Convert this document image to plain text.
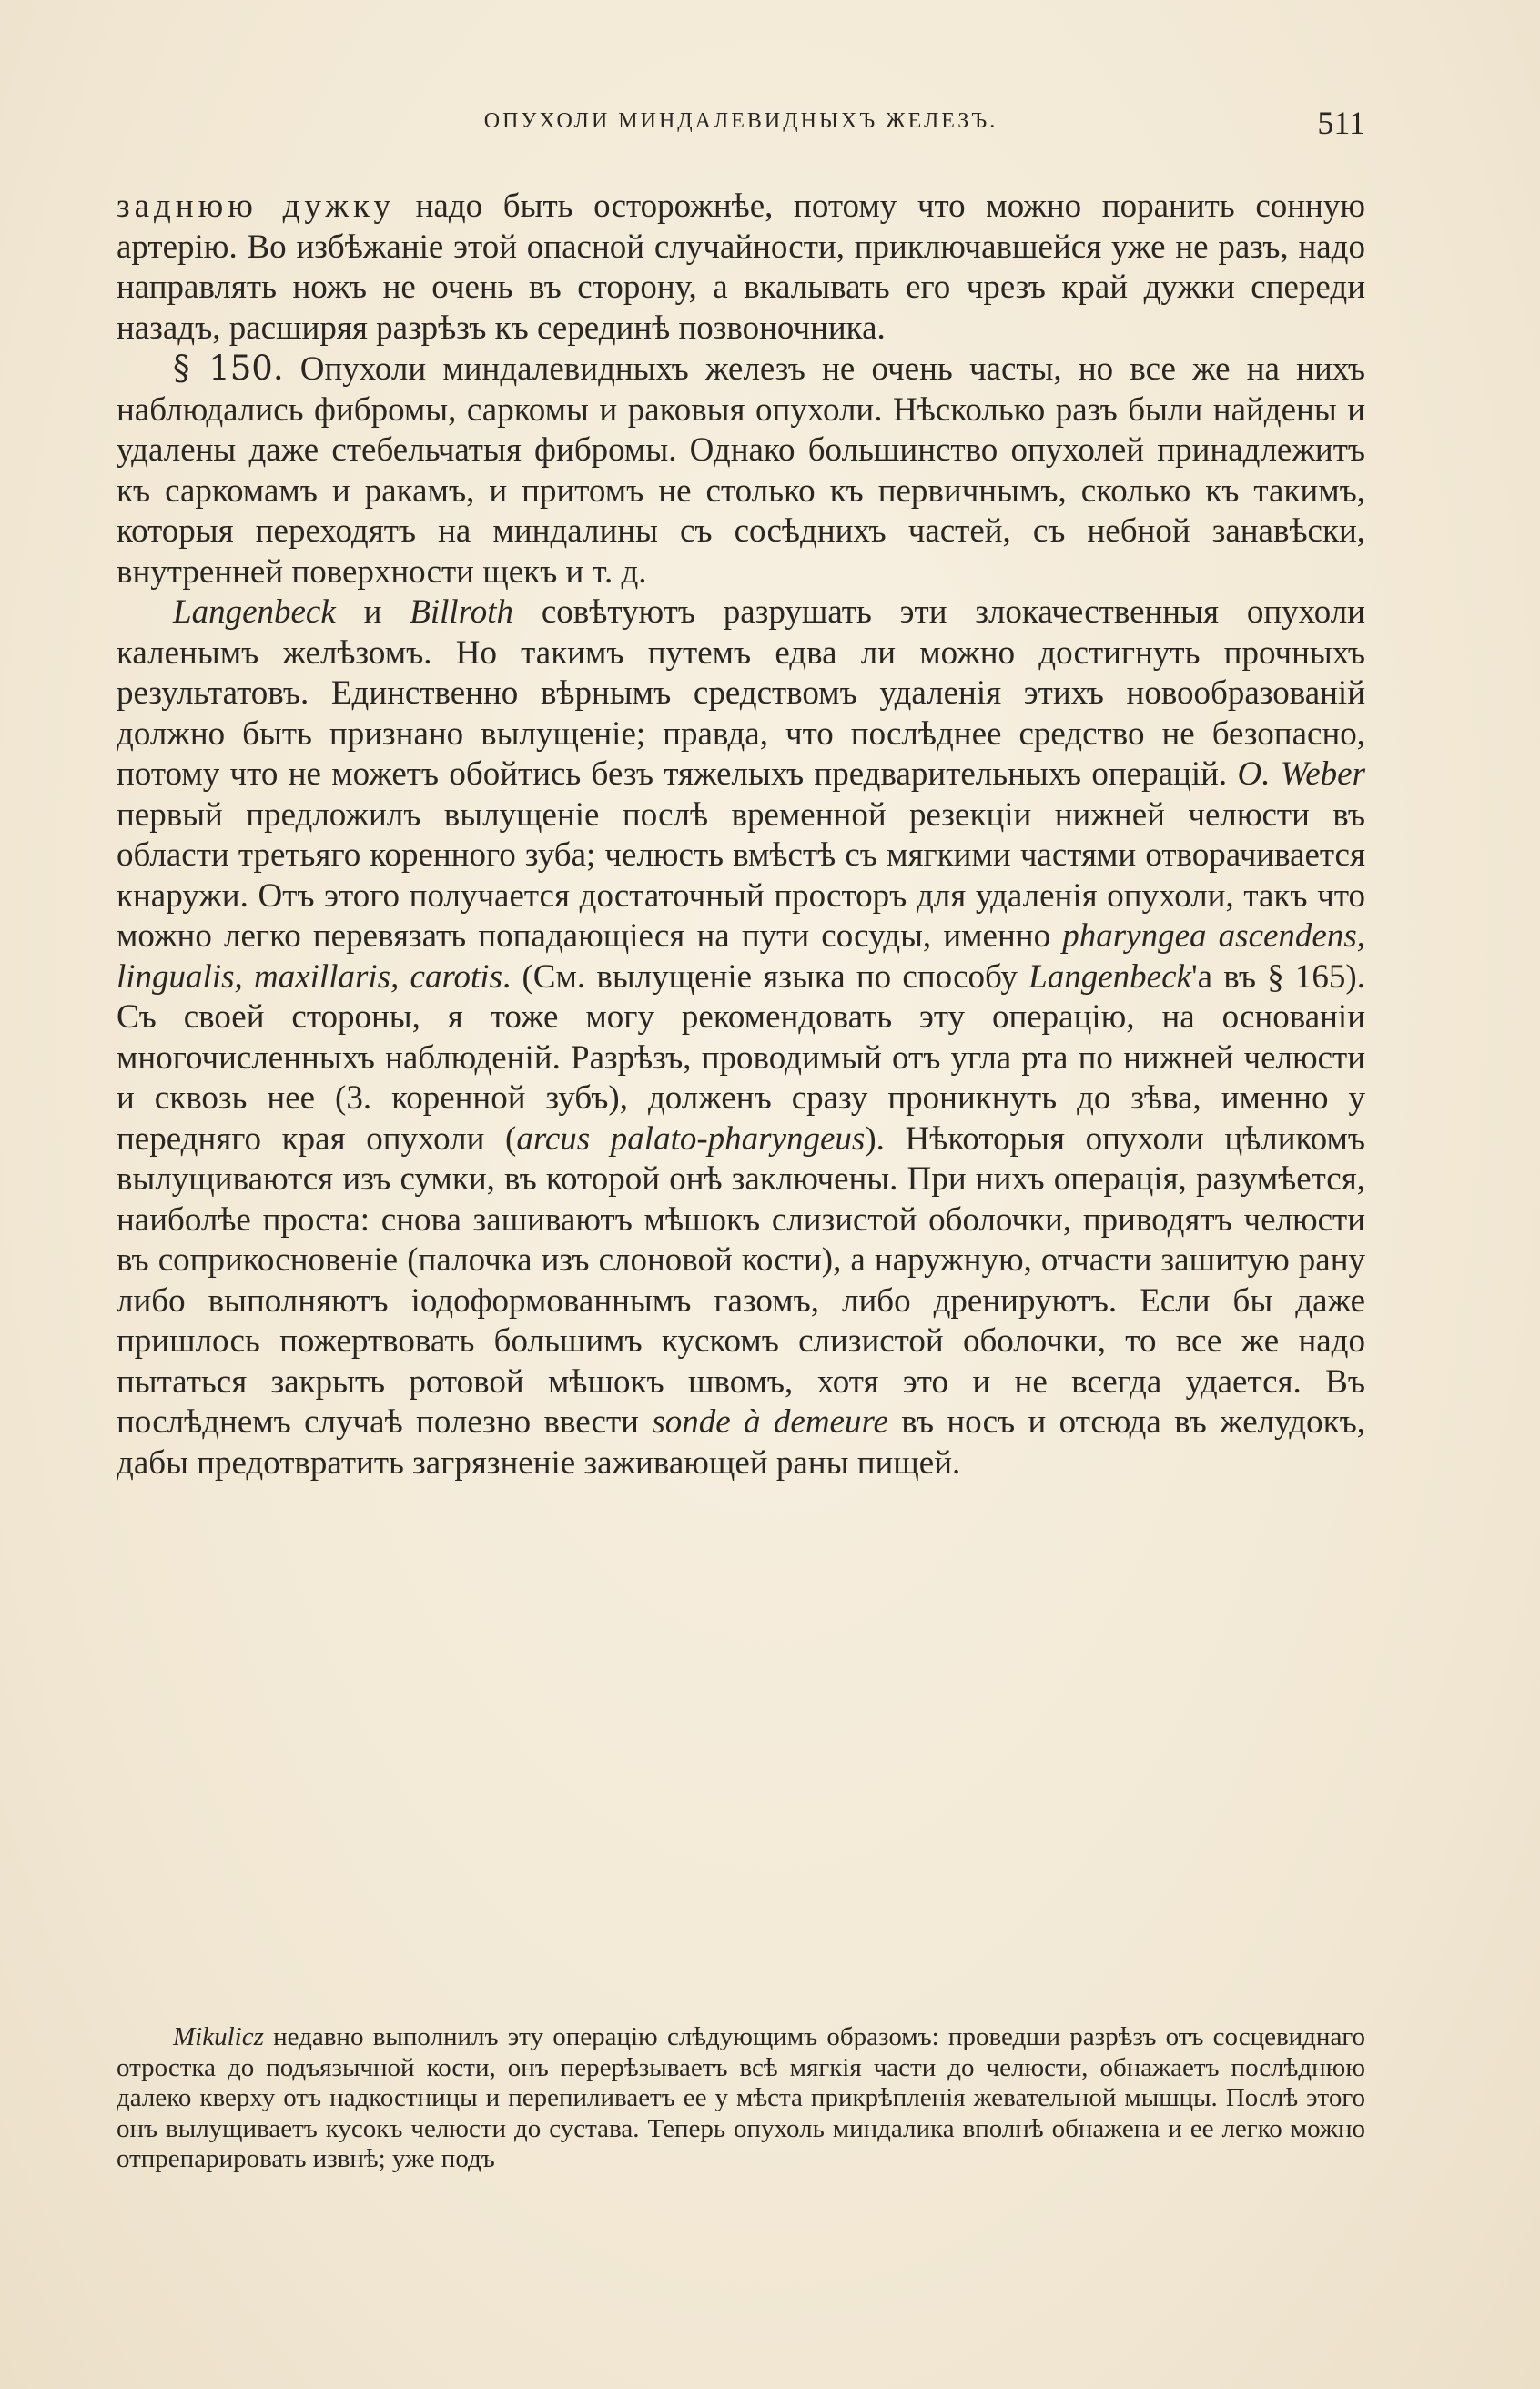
ОПУХОЛИ МИНДАЛЕВИДНЫХЪ ЖЕЛЕЗЪ.	511

заднюю дужку надо быть осторожнѣе, потому что можно поранить сонную артерію. Во избѣжаніе этой опасной случайности, приключавшейся уже не разъ, надо направлять ножъ не очень въ сторону, а вкалывать его чрезъ край дужки спереди назадъ, расширяя разрѣзъ къ серединѣ позвоночника.

§ 150. Опухоли миндалевидныхъ железъ не очень часты, но все же на нихъ наблюдались фибромы, саркомы и раковыя опухоли. Нѣсколько разъ были найдены и удалены даже стебельчатыя фибромы. Однако большинство опухолей принадлежитъ къ саркомамъ и ракамъ, и притомъ не столько къ первичнымъ, сколько къ такимъ, которыя переходятъ на миндалины съ сосѣднихъ частей, съ небной занавѣски, внутренней поверхности щекъ и т. д.

Langenbeck и Billroth совѣтуютъ разрушать эти злокачественныя опухоли каленымъ желѣзомъ. Но такимъ путемъ едва ли можно достигнуть прочныхъ результатовъ. Единственно вѣрнымъ средствомъ удаленія этихъ новообразованій должно быть признано вылущеніе; правда, что послѣднее средство не безопасно, потому что не можетъ обойтись безъ тяжелыхъ предварительныхъ операцій. O. Weber первый предложилъ вылущеніе послѣ временной резекціи нижней челюсти въ области третьяго коренного зуба; челюсть вмѣстѣ съ мягкими частями отворачивается кнаружи. Отъ этого получается достаточный просторъ для удаленія опухоли, такъ что можно легко перевязать попадающіеся на пути сосуды, именно pharyngea ascendens, lingualis, maxillaris, carotis. (См. вылущеніе языка по способу Langenbeck'а въ § 165). Съ своей стороны, я тоже могу рекомендовать эту операцію, на основаніи многочисленныхъ наблюденій. Разрѣзъ, проводимый отъ угла рта по нижней челюсти и сквозь нее (3. коренной зубъ), долженъ сразу проникнуть до зѣва, именно у передняго края опухоли (arcus palato-pharyngeus). Нѣкоторыя опухоли цѣликомъ вылущиваются изъ сумки, въ которой онѣ заключены. При нихъ операція, разумѣется, наиболѣе проста: снова зашиваютъ мѣшокъ слизистой оболочки, приводятъ челюсти въ соприкосновеніе (палочка изъ слоновой кости), а наружную, отчасти зашитую рану либо выполняютъ іодоформованнымъ газомъ, либо дренируютъ. Если бы даже пришлось пожертвовать большимъ кускомъ слизистой оболочки, то все же надо пытаться закрыть ротовой мѣшокъ швомъ, хотя это и не всегда удается. Въ послѣднемъ случаѣ полезно ввести sonde à demeure въ носъ и отсюда въ желудокъ, дабы предотвратить загрязненіе заживающей раны пищей.

Mikulicz недавно выполнилъ эту операцію слѣдующимъ образомъ: проведши разрѣзъ отъ сосцевиднаго отростка до подъязычной кости, онъ перерѣзываетъ всѣ мягкія части до челюсти, обнажаетъ послѣднюю далеко кверху отъ надкостницы и перепиливаетъ ее у мѣста прикрѣпленія жевательной мышцы. Послѣ этого онъ вылущиваетъ кусокъ челюсти до сустава. Теперь опухоль миндалика вполнѣ обнажена и ее легко можно отпрепарировать извнѣ; уже подъ
